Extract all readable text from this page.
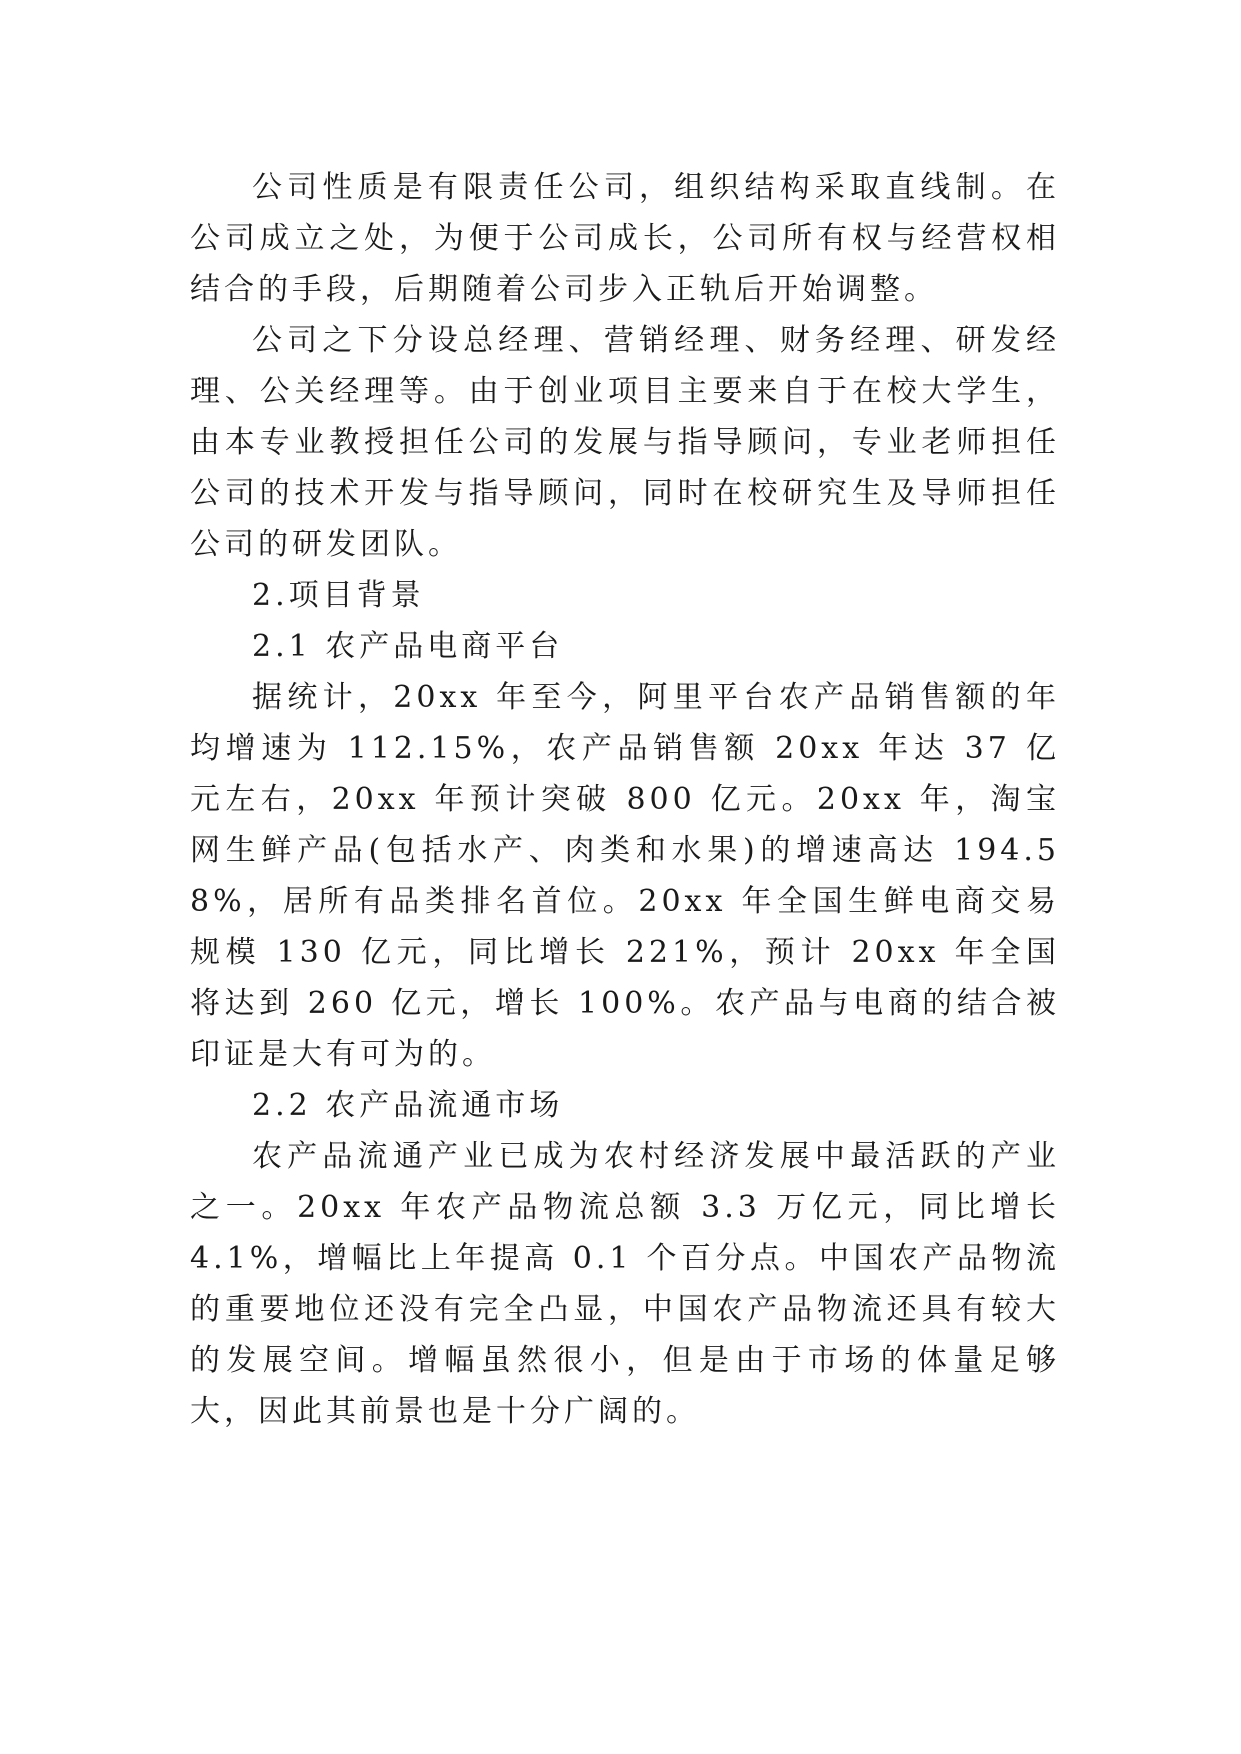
公司性质是有限责任公司，组织结构采取直线制。在公司成立之处，为便于公司成长，公司所有权与经营权相结合的手段，后期随着公司步入正轨后开始调整。

公司之下分设总经理、营销经理、财务经理、研发经理、公关经理等。由于创业项目主要来自于在校大学生，由本专业教授担任公司的发展与指导顾问，专业老师担任公司的技术开发与指导顾问，同时在校研究生及导师担任公司的研发团队。

2.项目背景

2.1 农产品电商平台

据统计，20xx 年至今，阿里平台农产品销售额的年均增速为 112.15%，农产品销售额 20xx 年达 37 亿元左右，20xx 年预计突破 800 亿元。20xx 年，淘宝网生鲜产品(包括水产、肉类和水果)的增速高达 194.58%，居所有品类排名首位。20xx 年全国生鲜电商交易规模 130 亿元，同比增长 221%，预计 20xx 年全国将达到 260 亿元，增长 100%。农产品与电商的结合被印证是大有可为的。

2.2 农产品流通市场

农产品流通产业已成为农村经济发展中最活跃的产业之一。20xx 年农产品物流总额 3.3 万亿元，同比增长 4.1%，增幅比上年提高 0.1 个百分点。中国农产品物流的重要地位还没有完全凸显，中国农产品物流还具有较大的发展空间。增幅虽然很小，但是由于市场的体量足够大，因此其前景也是十分广阔的。
